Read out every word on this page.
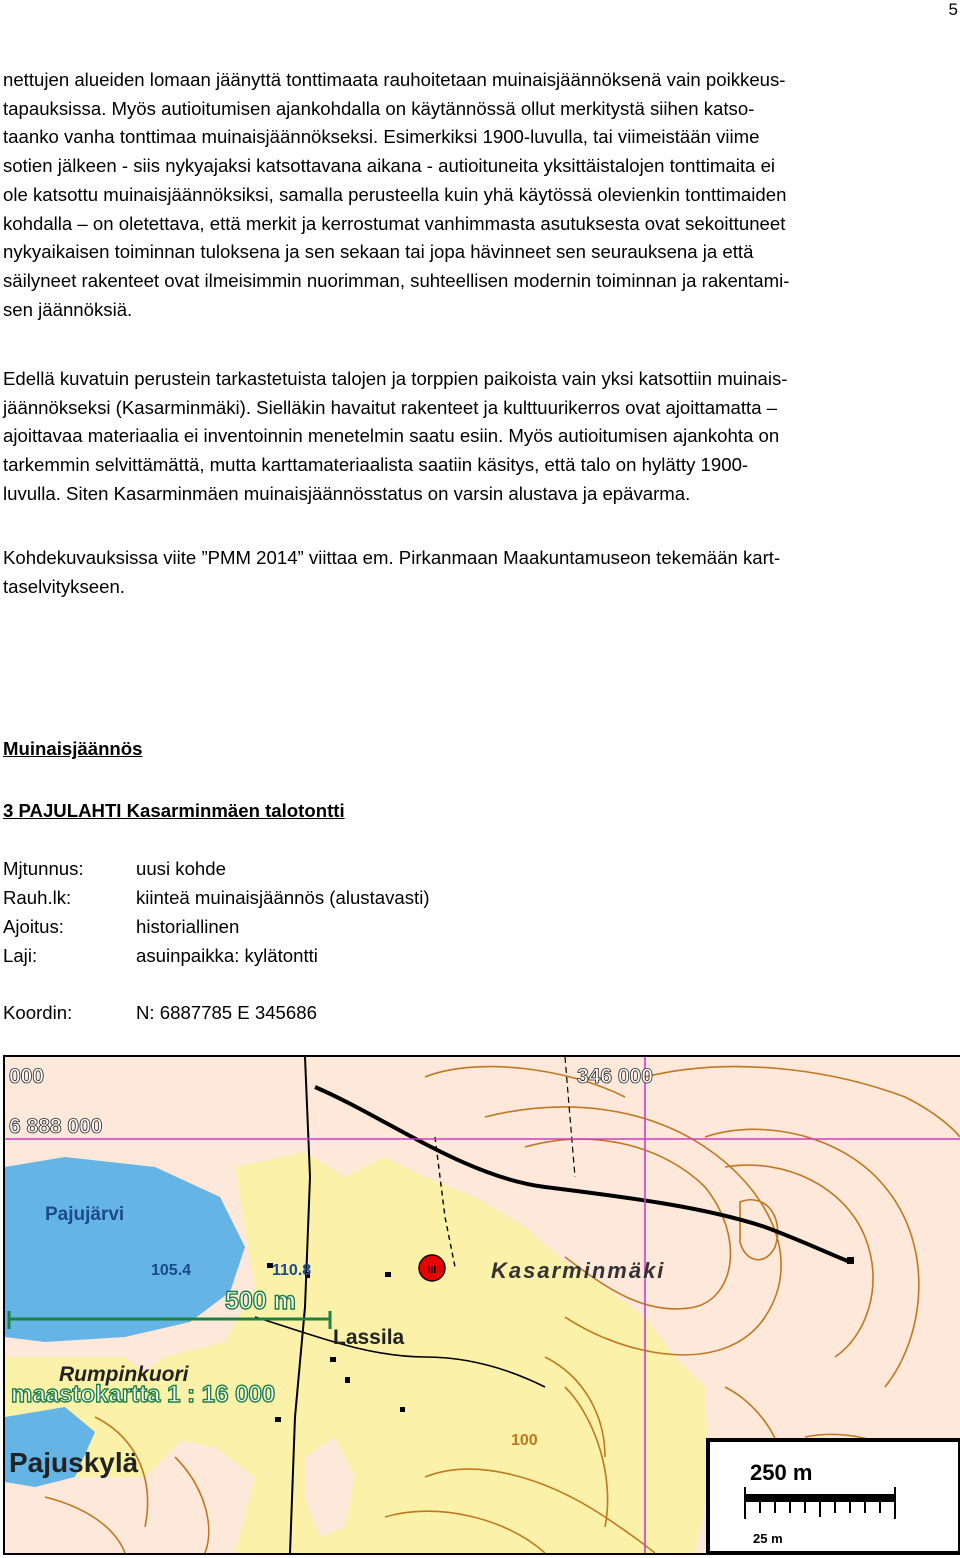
5

nettujen alueiden lomaan jäänyttä tonttimaata rauhoitetaan muinaisjäännöksenä vain poikkeus-
tapauksissa. Myös autioitumisen ajankohdalla on käytännössä ollut merkitystä siihen katso-
taanko vanha tonttimaa muinaisjäännökseksi. Esimerkiksi 1900-luvulla, tai viimeistään viime
sotien jälkeen - siis nykyajaksi katsottavana aikana - autioituneita yksittäistalojen tonttimaita ei
ole katsottu muinaisjäännöksiksi, samalla perusteella kuin yhä käytössä olevienkin tonttimaiden
kohdalla – on oletettava, että merkit ja kerrostumat vanhimmasta asutuksesta ovat sekoittuneet
nykyaikaisen toiminnan tuloksena ja sen sekaan tai jopa hävinneet sen seurauksena ja että
säilyneet rakenteet ovat ilmeisimmin nuorimman, suhteellisen modernin toiminnan ja rakentami-
sen jäännöksiä.

Edellä kuvatuin perustein tarkastetuista talojen ja torppien paikoista vain yksi katsottiin muinais-
jäännökseksi (Kasarminmäki). Sielläkin havaitut rakenteet ja kulttuurikerros ovat ajoittamatta –
ajoittavaa materiaalia ei inventoinnin menetelmin saatu esiin. Myös autioitumisen ajankohta on
tarkemmin selvittämättä, mutta karttamateriaalista saatiin käsitys, että talo on hylätty 1900-
luvulla. Siten Kasarminmäen muinaisjäännösstatus on varsin alustava ja epävarma.

Kohdekuvauksissa viite ”PMM 2014” viittaa em. Pirkanmaan Maakuntamuseon tekemään kart-
taselvitykseen.

Muinaisjäännös
3 PAJULAHTI Kasarminmäen talotontti
Mjtunnus:	uusi kohde
Rauh.lk:	kiinteä muinaisjäännös (alustavasti)
Ajoitus:	historiallinen
Laji:	asuinpaikka: kylätontti
Koordin:	N: 6887785 E 345686
III
000	346 000
6 888 000
Pajujärvi
105.4	110.8	Kasarminmäki
Lassila
Rumpinkuori
Pajuskylä
100
500 m
maastokartta 1 : 16 000
250 m
25 m
